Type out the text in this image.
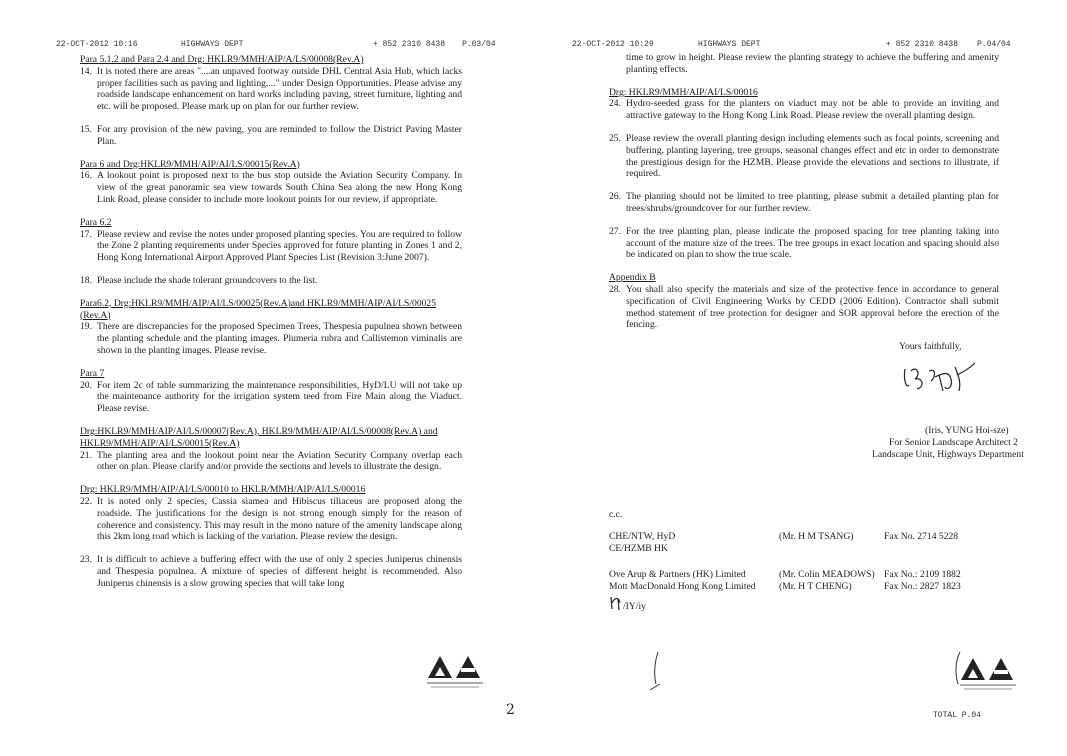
22-OCT-2012 10:16	HIGHWAYS DEPT	+ 852 2310 8438 P.03/04
Para 5.1.2 and Para 2.4 and Drg: HKLR9/MMH/AIP/A/LS/00008(Rev.A)
14. It is noted there are areas "....an unpaved footway outside DHL Central Asia Hub, which lacks proper facilities such as paving and lighting...." under Design Opportunities. Please advise any roadside landscape enhancement on hard works including paving, street furniture, lighting and etc. will be proposed. Please mark up on plan for our further review.
15. For any provision of the new paving, you are reminded to follow the District Paving Master Plan.
Para 6 and Drg:HKLR9/MMH/AIP/AI/LS/00015(Rev.A)
16. A lookout point is proposed next to the bus stop outside the Aviation Security Company. In view of the great panoramic sea view towards South China Sea along the new Hong Kong Link Road, please consider to include more lookout points for our review, if appropriate.
Para 6.2
17. Please review and revise the notes under proposed planting species. You are required to follow the Zone 2 planting requirements under Species approved for future planting in Zones 1 and 2, Hong Kong International Airport Approved Plant Species List (Revision 3:June 2007).
18. Please include the shade tolerant groundcovers to the list.
Para6.2, Drg:HKLR9/MMH/AIP/AI/LS/00025(Rev.A)and HKLR9/MMH/AIP/AI/LS/00025 (Rev.A)
19. There are discrepancies for the proposed Specimen Trees, Thespesia pupulnea shown between the planting schedule and the planting images. Plumeria rubra and Callistemon viminalis are shown in the planting images. Please revise.
Para 7
20. For item 2c of table summarizing the maintenance responsibilities, HyD/LU will not take up the maintenance authority for the irrigation system teed from Fire Main along the Viaduct. Please revise.
Drg:HKLR9/MMH/AIP/AI/LS/00007(Rev.A), HKLR9/MMH/AIP/AI/LS/00008(Rev.A) and HKLR9/MMH/AIP/AI/LS/00015(Rev.A)
21. The planting area and the lookout point near the Aviation Security Company overlap each other on plan. Please clarify and/or provide the sections and levels to illustrate the design.
Drg: HKLR9/MMH/AIP/AI/LS/00010 to HKLR/MMH/AIP/AI/LS/00016
22. It is noted only 2 species, Cassia siamea and Hibiscus tiliaceus are proposed along the roadside. The justifications for the design is not strong enough simply for the reason of coherence and consistency. This may result in the mono nature of the amenity landscape along this 2km long road which is lacking of the variation. Please review the design.
23. It is difficult to achieve a buffering effect with the use of only 2 species Juniperus chinensis and Thespesia populnea. A mixture of species of different height is recommended. Also Juniperus chinensis is a slow growing species that will take long
2
22-OCT-2012 10:29	HIGHWAYS DEPT	+ 852 2310 8438 P.04/04
time to grow in height. Please review the planting strategy to achieve the buffering and amenity planting effects.
Drg: HKLR9/MMH/AIP/AI/LS/00016
24. Hydro-seeded grass for the planters on viaduct may not be able to provide an inviting and attractive gateway to the Hong Kong Link Road. Please review the overall planting design.
25. Please review the overall planting design including elements such as focal points, screening and buffering, planting layering, tree groups, seasonal changes effect and etc in order to demonstrate the prestigious design for the HZMB. Please provide the elevations and sections to illustrate, if required.
26. The planting should not be limited to tree planting, please submit a detailed planting plan for trees/shrubs/groundcover for our further review.
27. For the tree planting plan, please indicate the proposed spacing for tree planting taking into account of the mature size of the trees. The tree groups in exact location and spacing should also be indicated on plan to show the true scale.
Appendix B
28. You shall also specify the materials and size of the protective fence in accordance to general specification of Civil Engineering Works by CEDD (2006 Edition). Contractor shall submit method statement of tree protection for designer and SOR approval before the erection of the fencing.
Yours faithfully,
(Iris, YUNG Hoi-sze)
For Senior Landscape Architect 2
Landscape Unit, Highways Department
c.c.
CHE/NTW, HyD	(Mr. H M TSANG)	Fax No. 2714 5228
CE/HZMB HK
Ove Arup & Partners (HK) Limited	(Mr. Colin MEADOWS) Fax No.: 2109 1882
Mott MacDonald Hong Kong Limited (Mr. H T CHENG)	Fax No.: 2827 1823
/IY/iy
TOTAL P.04
